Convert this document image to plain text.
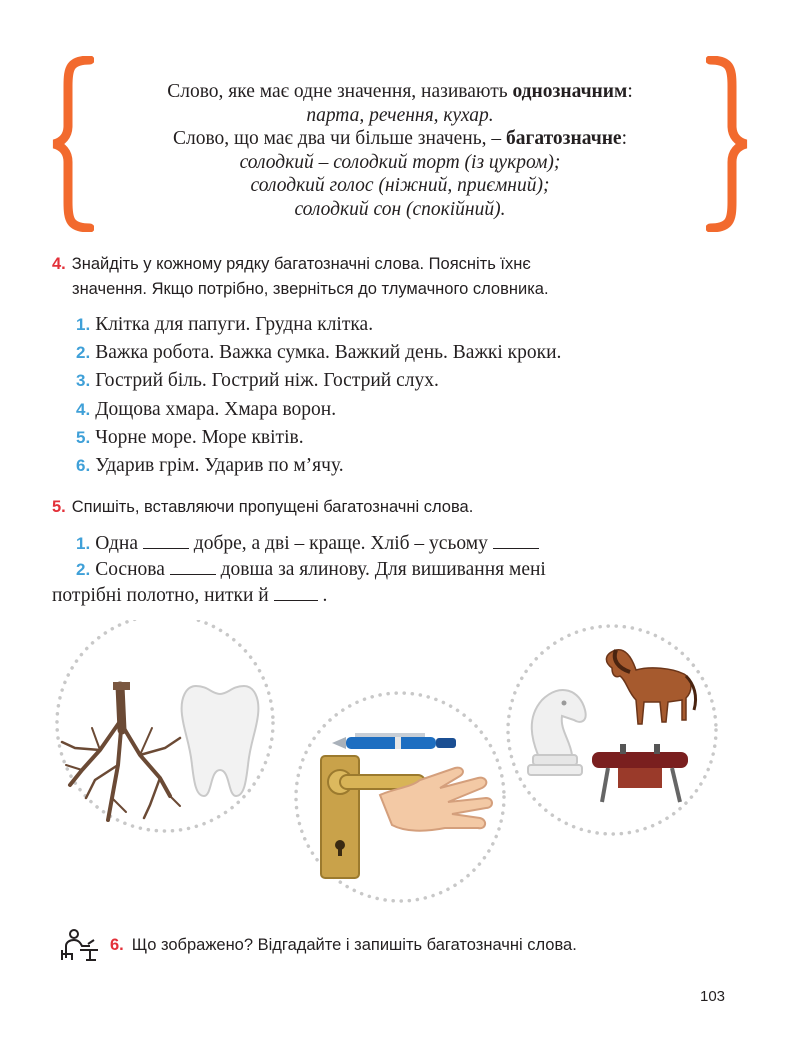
Слово, яке має одне значення, називають однозначним:
парта, речення, кухар.
Слово, що має два чи більше значень, – багатозначне:
солодкий – солодкий торт (із цукром);
солодкий голос (ніжний, приємний);
солодкий сон (спокійний).
4. Знайдіть у кожному рядку багатозначні слова. Поясніть їхнє
значення. Якщо потрібно, зверніться до тлумачного словника.
1. Клітка для папуги. Грудна клітка.
2. Важка робота. Важка сумка. Важкий день. Важкі кроки.
3. Гострий біль. Гострий ніж. Гострий слух.
4. Дощова хмара. Хмара ворон.
5. Чорне море. Море квітів.
6. Ударив грім. Ударив по м’ячу.
5. Спишіть, вставляючи пропущені багатозначні слова.
1. Одна	добре, а дві – краще. Хліб – усьому
2. Соснова	довша за ялинову. Для вишивання мені
потрібні полотно, нитки й	.
6. Що зображено? Відгадайте і запишіть багатозначні слова.
103
